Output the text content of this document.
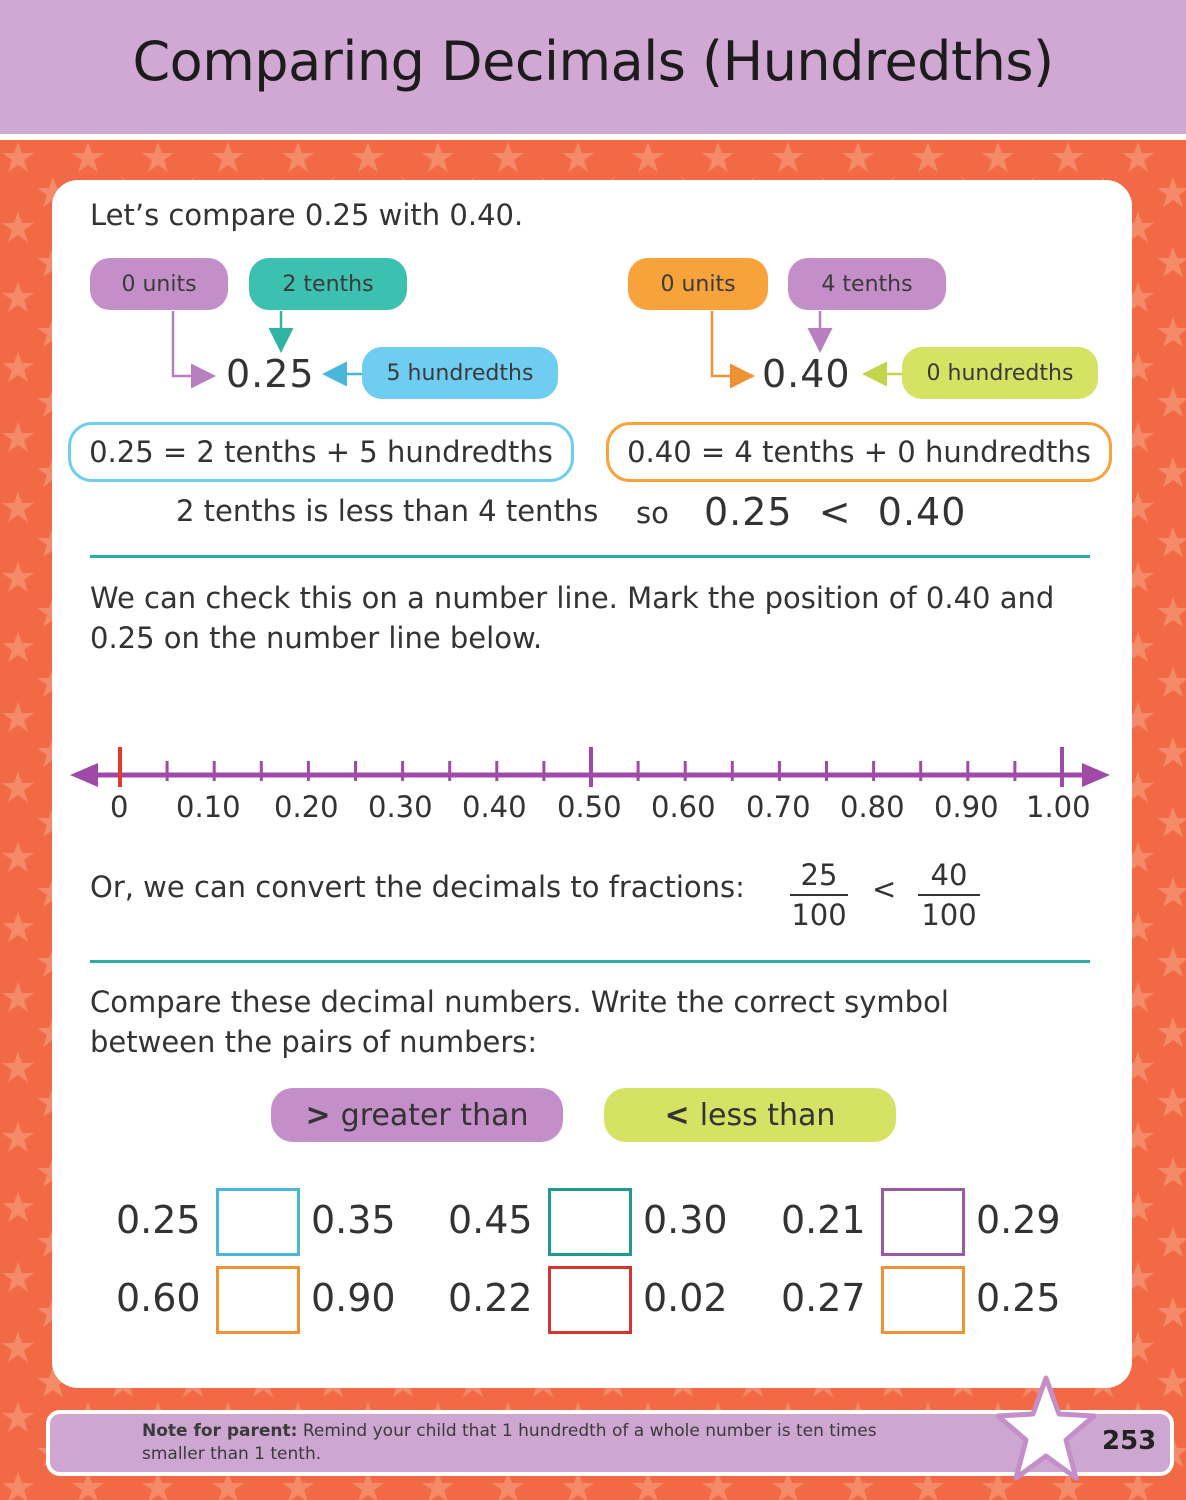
Comparing Decimals (Hundredths)
Let’s compare 0.25 with 0.40.
0 units	2 tenths
5 hundredths
0.25
0 units	4 tenths
0 hundredths
0.40
0.25 = 2 tenths + 5 hundredths	0.40 = 4 tenths + 0 hundredths
2 tenths is less than 4 tenths so 0.25  <  0.40
We can check this on a number line. Mark the position of 0.40 and 0.25 on the number line below.
0 0.10 0.20 0.30 0.40 0.50 0.60 0.70 0.80 0.90 1.00
Or, we can convert the decimals to fractions: $\frac{25}{100} < \frac{40}{100}$
Compare these decimal numbers. Write the correct symbol between the pairs of numbers:
> greater than	< less than
0.25	0.35 0.45	0.30 0.21	0.29
0.60	0.90 0.22	0.02 0.27	0.25
Note for parent: Remind your child that 1 hundredth of a whole number is ten times smaller than 1 tenth.	253
